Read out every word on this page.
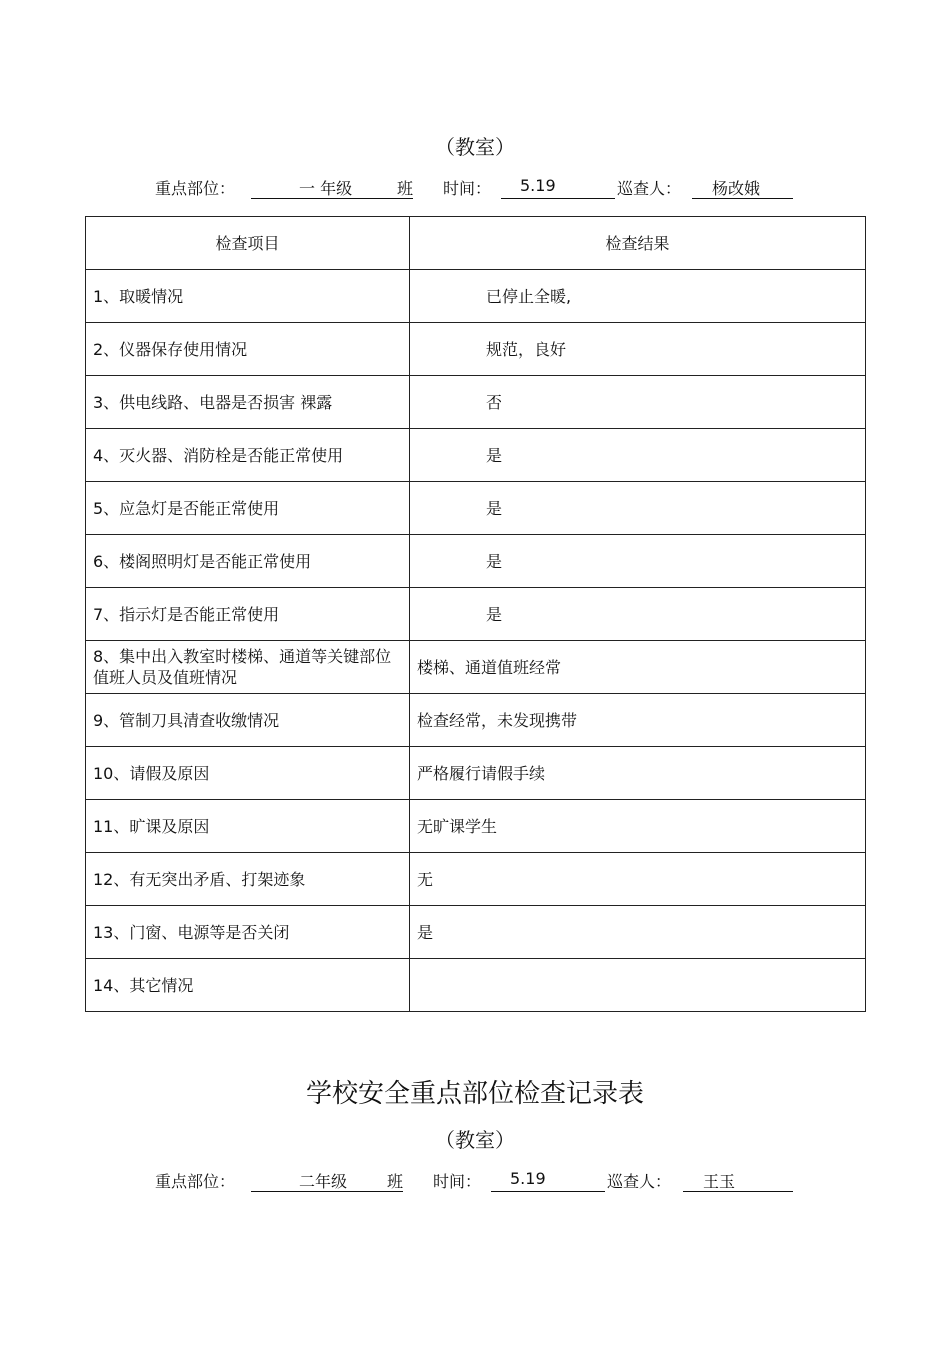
（教室）
重点部位：	一 年级	班 时间： 5.19	巡查人： 杨改娥
检查项目	检查结果
1、取暖情况	已停止全暖,
2、仪器保存使用情况	规范，良好
3、供电线路、电器是否损害 裸露	否
4、灭火器、消防栓是否能正常使用	是
5、应急灯是否能正常使用	是
6、楼阁照明灯是否能正常使用	是
7、指示灯是否能正常使用	是
8、集中出入教室时楼梯、通道等关键部位值班人员及值班情况	楼梯、通道值班经常
9、管制刀具清查收缴情况	检查经常，未发现携带
10、请假及原因	严格履行请假手续
11、旷课及原因	无旷课学生
12、有无突出矛盾、打架迹象	无
13、门窗、电源等是否关闭	是
14、其它情况	
学校安全重点部位检查记录表
（教室）
重点部位：	二年级 班 时间： 5.19	巡查人： 王玉
